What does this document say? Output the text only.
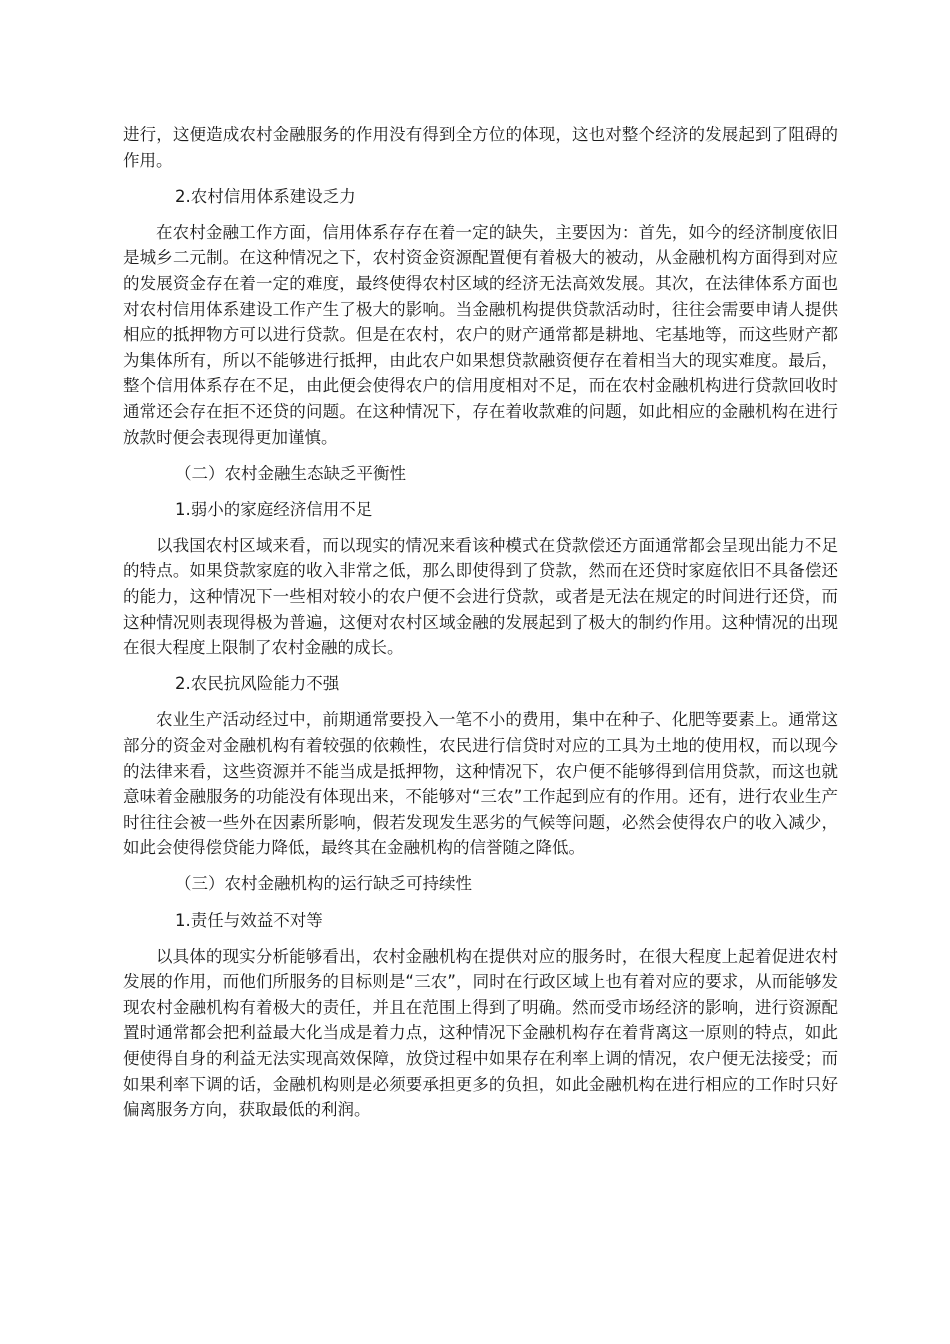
进行，这便造成农村金融服务的作用没有得到全方位的体现，这也对整个经济的发展起到了阻碍的作用。

2.农村信用体系建设乏力

在农村金融工作方面，信用体系存存在着一定的缺失，主要因为：首先，如今的经济制度依旧是城乡二元制。在这种情况之下，农村资金资源配置便有着极大的被动，从金融机构方面得到对应的发展资金存在着一定的难度，最终使得农村区域的经济无法高效发展。其次，在法律体系方面也对农村信用体系建设工作产生了极大的影响。当金融机构提供贷款活动时，往往会需要申请人提供相应的抵押物方可以进行贷款。但是在农村，农户的财产通常都是耕地、宅基地等，而这些财产都为集体所有，所以不能够进行抵押，由此农户如果想贷款融资便存在着相当大的现实难度。最后，整个信用体系存在不足，由此便会使得农户的信用度相对不足，而在农村金融机构进行贷款回收时通常还会存在拒不还贷的问题。在这种情况下，存在着收款难的问题，如此相应的金融机构在进行放款时便会表现得更加谨慎。

（二）农村金融生态缺乏平衡性

1.弱小的家庭经济信用不足

以我国农村区域来看，而以现实的情况来看该种模式在贷款偿还方面通常都会呈现出能力不足的特点。如果贷款家庭的收入非常之低，那么即使得到了贷款，然而在还贷时家庭依旧不具备偿还的能力，这种情况下一些相对较小的农户便不会进行贷款，或者是无法在规定的时间进行还贷，而这种情况则表现得极为普遍，这便对农村区域金融的发展起到了极大的制约作用。这种情况的出现在很大程度上限制了农村金融的成长。

2.农民抗风险能力不强

农业生产活动经过中，前期通常要投入一笔不小的费用，集中在种子、化肥等要素上。通常这部分的资金对金融机构有着较强的依赖性，农民进行信贷时对应的工具为土地的使用权，而以现今的法律来看，这些资源并不能当成是抵押物，这种情况下，农户便不能够得到信用贷款，而这也就意味着金融服务的功能没有体现出来，不能够对“三农”工作起到应有的作用。还有，进行农业生产时往往会被一些外在因素所影响，假若发现发生恶劣的气候等问题，必然会使得农户的收入减少，如此会使得偿贷能力降低，最终其在金融机构的信誉随之降低。

（三）农村金融机构的运行缺乏可持续性

1.责任与效益不对等

以具体的现实分析能够看出，农村金融机构在提供对应的服务时，在很大程度上起着促进农村发展的作用，而他们所服务的目标则是“三农”，同时在行政区域上也有着对应的要求，从而能够发现农村金融机构有着极大的责任，并且在范围上得到了明确。然而受市场经济的影响，进行资源配置时通常都会把利益最大化当成是着力点，这种情况下金融机构存在着背离这一原则的特点，如此便使得自身的利益无法实现高效保障，放贷过程中如果存在利率上调的情况，农户便无法接受；而如果利率下调的话，金融机构则是必须要承担更多的负担，如此金融机构在进行相应的工作时只好偏离服务方向，获取最低的利润。
